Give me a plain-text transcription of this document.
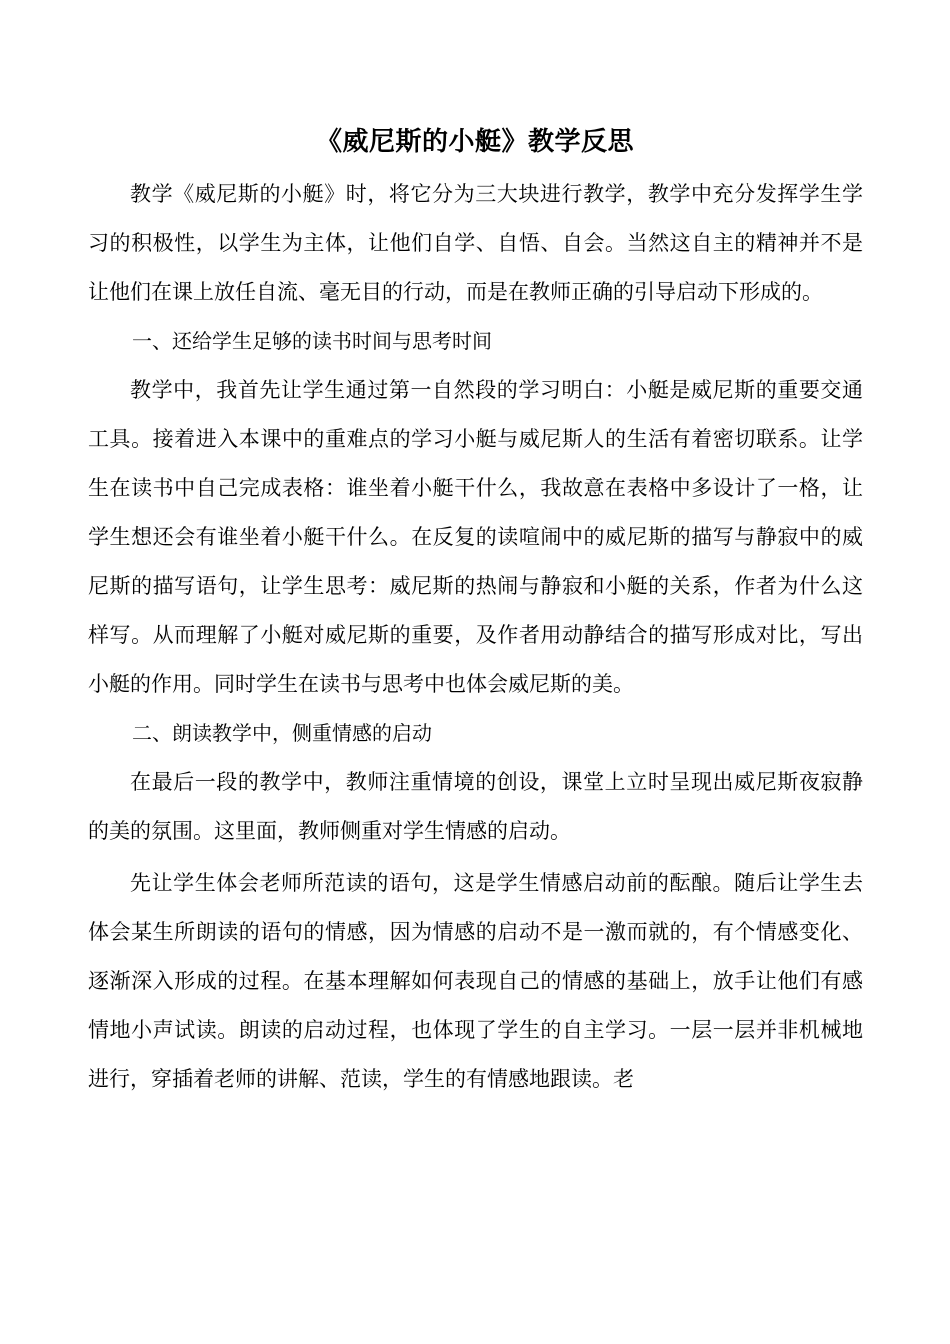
《威尼斯的小艇》教学反思

教学《威尼斯的小艇》时，将它分为三大块进行教学，教学中充分发挥学生学习的积极性，以学生为主体，让他们自学、自悟、自会。当然这自主的精神并不是让他们在课上放任自流、毫无目的行动，而是在教师正确的引导启动下形成的。

一、还给学生足够的读书时间与思考时间

教学中，我首先让学生通过第一自然段的学习明白：小艇是威尼斯的重要交通工具。接着进入本课中的重难点的学习小艇与威尼斯人的生活有着密切联系。让学生在读书中自己完成表格：谁坐着小艇干什么，我故意在表格中多设计了一格，让学生想还会有谁坐着小艇干什么。在反复的读喧闹中的威尼斯的描写与静寂中的威尼斯的描写语句，让学生思考：威尼斯的热闹与静寂和小艇的关系，作者为什么这样写。从而理解了小艇对威尼斯的重要，及作者用动静结合的描写形成对比，写出小艇的作用。同时学生在读书与思考中也体会威尼斯的美。

二、朗读教学中，侧重情感的启动

在最后一段的教学中，教师注重情境的创设，课堂上立时呈现出威尼斯夜寂静的美的氛围。这里面，教师侧重对学生情感的启动。

先让学生体会老师所范读的语句，这是学生情感启动前的酝酿。随后让学生去体会某生所朗读的语句的情感，因为情感的启动不是一激而就的，有个情感变化、逐渐深入形成的过程。在基本理解如何表现自己的情感的基础上，放手让他们有感情地小声试读。朗读的启动过程，也体现了学生的自主学习。一层一层并非机械地进行，穿插着老师的讲解、范读，学生的有情感地跟读。老
